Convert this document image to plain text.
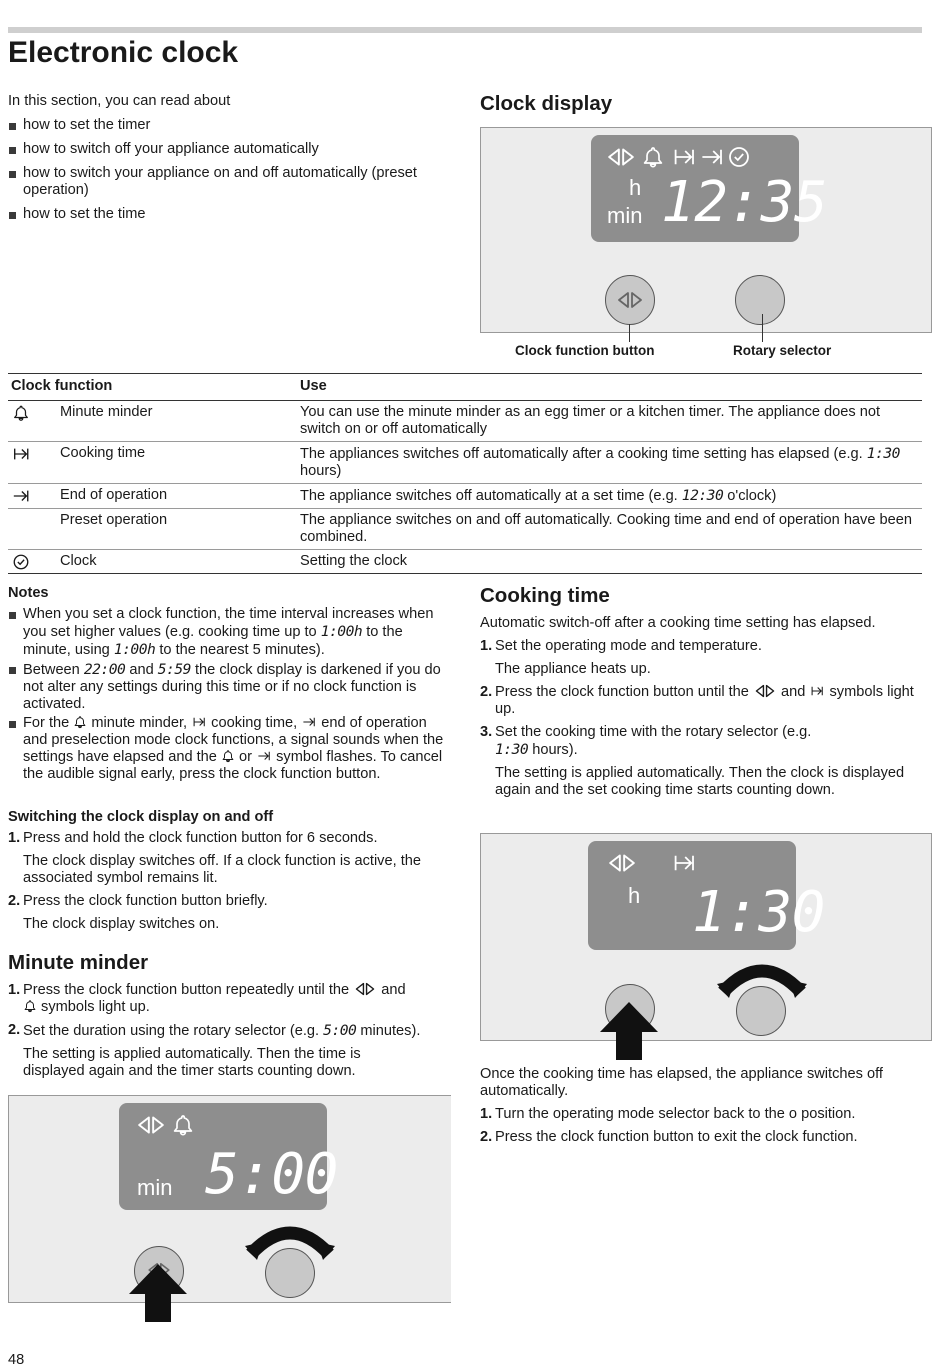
Electronic clock

In this section, you can read about

how to set the timer
how to switch off your appliance automatically
how to switch your appliance on and off automatically (preset operation)
how to set the time
Clock display
h
min 12:35
Clock function button	Rotary selector
Clock function	Use
Minute minder	You can use the minute minder as an egg timer or a kitchen timer. The appliance does not switch on or off automatically
Cooking time	The appliances switches off automatically after a cooking time setting has elapsed (e.g. 1:30 hours)
End of operation	The appliance switches off automatically at a set time (e.g. 12:30 o'clock)
Preset operation	The appliance switches on and off automatically. Cooking time and end of operation have been combined.
Clock	Setting the clock
Notes
When you set a clock function, the time interval increases when you set higher values (e.g. cooking time up to 1:00h to the minute, using 1:00h to the nearest 5 minutes).
Between 22:00 and 5:59 the clock display is darkened if you do not alter any settings during this time or if no clock function is activated.
For the  minute minder,  cooking time,  end of operation and preselection mode clock functions, a signal sounds when the settings have elapsed and the  or  symbol flashes. To cancel the audible signal early, press the clock function button.
Switching the clock display on and off
1. Press and hold the clock function button for 6 seconds.

The clock display switches off. If a clock function is active, the associated symbol remains lit.

2. Press the clock function button briefly.

The clock display switches on.

Minute minder
1. Press the clock function button repeatedly until the  and  symbols light up.
2. Set the duration using the rotary selector (e.g. 5:00 minutes).

The setting is applied automatically. Then the time is displayed again and the timer starts counting down.

min 5:00
Cooking time

Automatic switch-off after a cooking time setting has elapsed.

1. Set the operating mode and temperature.

The appliance heats up.

2. Press the clock function button until the  and  symbols light up.
3. Set the cooking time with the rotary selector (e.g. 1:30 hours).

The setting is applied automatically. Then the clock is displayed again and the set cooking time starts counting down.

h 1:30

Once the cooking time has elapsed, the appliance switches off automatically.

1. Turn the operating mode selector back to the o position.
2. Press the clock function button to exit the clock function.
48
